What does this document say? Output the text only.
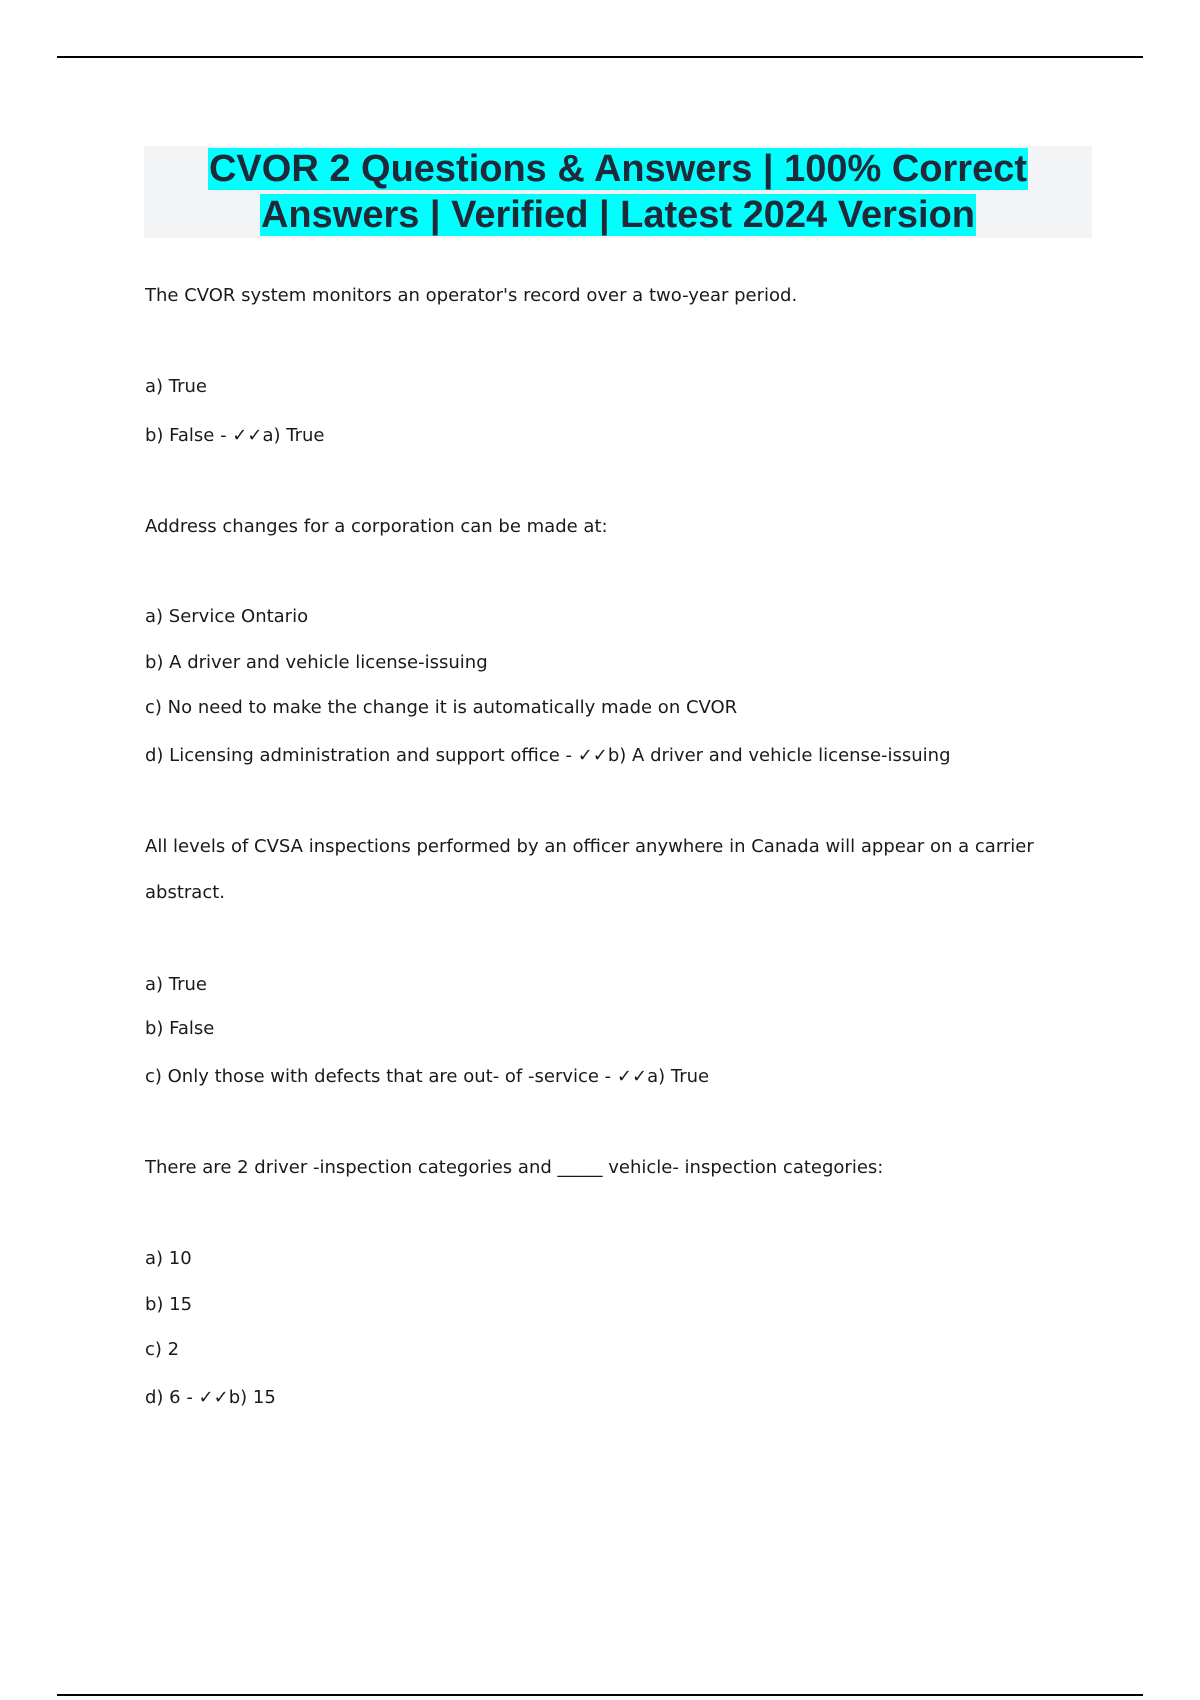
CVOR 2 Questions & Answers | 100% Correct
Answers | Verified | Latest 2024 Version
The CVOR system monitors an operator's record over a two-year period.
a) True
b) False - ✓✓a) True
Address changes for a corporation can be made at:
a) Service Ontario
b) A driver and vehicle license-issuing
c) No need to make the change it is automatically made on CVOR
d) Licensing administration and support office - ✓✓b) A driver and vehicle license-issuing
All levels of CVSA inspections performed by an officer anywhere in Canada will appear on a carrier abstract.
a) True
b) False
c) Only those with defects that are out- of -service - ✓✓a) True
There are 2 driver -inspection categories and _____ vehicle- inspection categories:
a) 10
b) 15
c) 2
d) 6 - ✓✓b) 15
